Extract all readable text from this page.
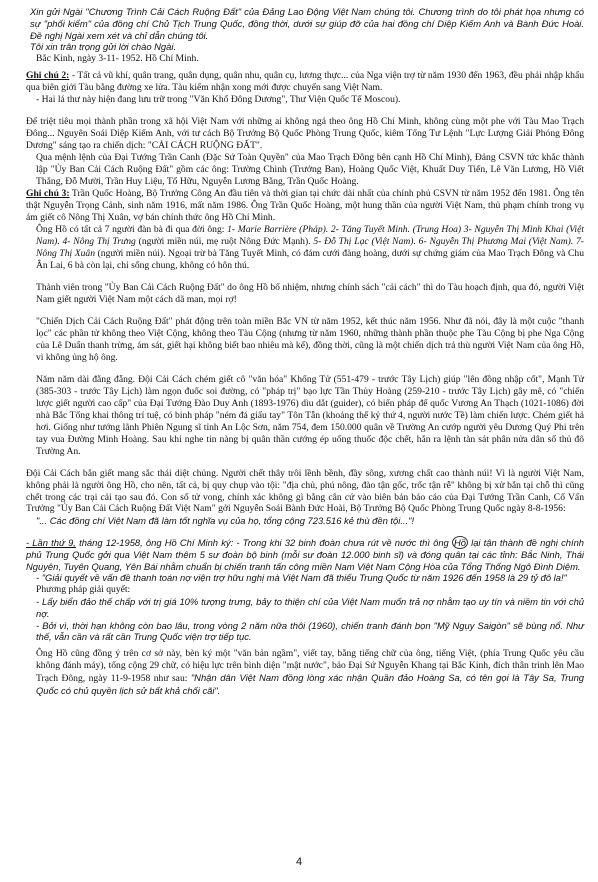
Xin gửi Ngài "Chương Trình Cải Cách Ruộng Đất" của Đảng Lao Động Việt Nam chúng tôi. Chương trình do tôi phát họa nhưng có sự "phối kiểm" của đồng chí Chủ Tịch Trung Quốc, đồng thời, dưới sự giúp đỡ của hai đồng chí Diệp Kiếm Anh và Bành Đức Hoài. Đề nghị Ngài xem xét và chỉ dẫn chúng tôi.

Tôi xin trân trọng gửi lời chào Ngài.

Bắc Kinh, ngày 3-11- 1952. Hồ Chí Minh.

Ghi chú 2: - Tất cả vũ khí, quân trang, quân dụng, quân nhu, quân cụ, lương thực... của Nga viện trợ từ năm 1930 đến 1963, đều phải nhập khẩu qua biên giới Tàu bằng đường xe lửa. Tàu kiểm nhận xong mới được chuyển sang Việt Nam.

- Hai lá thư này hiện đang lưu trữ trong "Văn Khố Đông Dương", Thư Viện Quốc Tế Moscou).

Để triệt tiêu mọi thành phần trong xã hội Việt Nam với những ai không ngả theo ông Hồ Chí Minh, không cùng một phe với Tàu Mao Trạch Đông... Nguyên Soái Diệp Kiếm Anh, với tư cách Bộ Trưởng Bộ Quốc Phòng Trung Quốc, kiêm Tổng Tư Lệnh "Lực Lượng Giải Phóng Đông Dương" sáng tạo ra chiến dịch: "CẢI CÁCH RUỘNG ĐẤT".

Qua mệnh lệnh của Đại Tướng Trần Canh (Đặc Sứ Toàn Quyền" của Mao Trạch Đông bên cạnh Hồ Chí Minh), Đảng CSVN tức khắc thành lập "Ủy Ban Cải Cách Ruộng Đất" gồm các ông: Trường Chinh (Trưởng Ban), Hoàng Quốc Việt, Khuất Duy Tiến, Lê Văn Lương, Hồ Viết Thắng, Đỗ Mười, Trần Huy Liệu, Tố Hữu, Nguyễn Lương Bằng, Trần Quốc Hoàng.

Ghi chú 3: Trần Quốc Hoàng, Bộ Trưởng Công An đầu tiên và thời gian tại chức dài nhất của chính phủ CSVN từ năm 1952 đến 1981. Ông tên thật Nguyễn Trọng Cảnh, sinh năm 1916, mất năm 1986. Ông Trần Quốc Hoàng, một hung thần của người Việt Nam, thủ phạm chính trong vụ ám giết cô Nông Thị Xuân, vợ bán chính thức ông Hồ Chí Minh.

Ông Hồ có tất cả 7 người đàn bà đi qua đời ông: 1- Marie Barrière (Pháp). 2- Tăng Tuyết Minh. (Trung Hoa) 3- Nguyễn Thị Minh Khai (Việt Nam). 4- Nông Thị Trưng (người miền núi, mẹ ruột Nông Đức Mạnh). 5- Đỗ Thị Lạc (Việt Nam). 6- Nguyễn Thị Phương Mai (Việt Nam). 7- Nông Thị Xuân (người miền núi). Ngoại trừ bà Tăng Tuyết Minh, có đám cưới đàng hoàng, dưới sự chứng giám của Mao Trạch Đông và Chu Ân Lai, 6 bà còn lại, chỉ sống chung, không có hôn thú.

Thành viên trong "Ủy Ban Cải Cách Ruộng Đất" do ông Hồ bổ nhiệm, nhưng chính sách "cải cách" thì do Tàu hoạch định, qua đó, người Việt Nam giết người Việt Nam một cách dã man, mọi rợ!

"Chiến Dịch Cải Cách Ruộng Đất" phát động trên toàn miền Bắc VN từ năm 1952, kết thúc năm 1956. Như đã nói, đây là một cuộc "thanh lọc" các phần tử không theo Việt Cộng, không theo Tàu Cộng (nhưng từ năm 1960, những thành phần thuộc phe Tàu Cộng bị phe Nga Cộng của Lê Duẩn thanh trừng, ám sát, giết hại không biết bao nhiêu mà kể), đồng thời, cũng là một chiến dịch trả thù người Việt Nam của ông Hồ, vì không ủng hộ ông.

Năm năm dài đằng đẵng. Đội Cải Cách chém giết cô "văn hóa" Khổng Tử (551-479 - trước Tây Lịch) giúp "lên đồng nhập cốt", Mạnh Tử (385-303 - trước Tây Lịch) làm ngọn đuốc soi đường, có "pháp trị" bạo lực Tần Thủy Hoàng (259-210 - trước Tây Lịch) gây mê, có "chiến lược giết người cao cấp" của Đại Tướng Đào Duy Anh (1893-1976) dìu dắt (guider), có biển pháp để quốc Vương An Thạch (1021-1086) đời nhà Bắc Tống khai thông trí tuệ, có binh pháp "ném đá giấu tay" Tôn Tẫn (khoảng thế kỷ thứ 4, người nước Tề) làm chiến lược. Chém giết hả hơi. Giống như tướng lãnh Phiên Ngung sĩ tỉnh An Lộc Sơn, năm 754, đem 150.000 quân về Trường An cướp người yêu Dương Quý Phi trên tay vua Đường Minh Hoàng. Sau khi nghe tin nàng bị quân thần cướng ép uống thuốc độc chết, hắn ra lệnh tàn sát phân nửa dân số thủ đô Trường An.

Đội Cải Cách bắn giết mang sắc thái diệt chủng. Người chết thây trôi lềnh bềnh, đầy sông, xương chất cao thành núi! Vì là người Việt Nam, không phải là người ông Hồ, cho nên, tất cả, bị quy chụp vào tội: "địa chủ, phú nông, đào tận gốc, trốc tận rễ" không bị xử bắn tại chỗ thì cũng chết trong các trại cải tạo sau đó. Con số tử vong, chính xác không gì bằng cân cứ vào biên bản báo cáo của Đại Tướng Trần Canh, Cố Vấn Trưởng "Ủy Ban Cải Cách Ruộng Đất Việt Nam" gởi Nguyễn Soái Bành Đức Hoài, Bộ Trưởng Bộ Quốc Phòng Trung Quốc ngày 8-8-1956:

"... Các đồng chí Việt Nam đã làm tốt nghĩa vụ của họ, tổng cộng 723.516 kẻ thù đền tội..."!

- Lần thứ 9, tháng 12-1958, ông Hồ Chí Minh ký: - Trong khi 32 binh đoàn chưa rút về nước thì ông Hồ lại tận thành đề nghị chính phủ Trung Quốc gởi qua Việt Nam thêm 5 sư đoàn bộ binh (mỗi sư đoàn 12.000 binh sĩ) và đóng quân tại các tỉnh: Bắc Ninh, Thái Nguyên, Tuyên Quang, Yên Bái nhằm chuẩn bị chiến tranh tấn công miền Nam Việt Nam Cộng Hòa của Tổng Thống Ngô Đình Diệm.

- "Giải quyết về vấn đề thanh toán nợ viện trợ hữu nghị mà Việt Nam đã thiếu Trung Quốc từ năm 1926 đến 1958 là 29 tỷ đô la!"

Phương pháp giải quyết:

- Lấy biển đảo thế chấp với trị giá 10% tượng trưng, bảy to thiện chí của Việt Nam muốn trả nợ nhằm tạo uy tín và niềm tin với chủ nợ.

- Bởi vì, thời hạn không còn bao lâu, trong vòng 2 năm nữa thôi (1960), chiến tranh đánh bọn "Mỹ Ngụy Saigòn" sẽ bùng nổ. Như thế, vẫn cần và rất cần Trung Quốc viện trợ tiếp tục.

Ông Hồ cũng đồng ý trên cơ sở này, bèn ký một "văn bản ngầm", viết tay, bằng tiếng chữ của ông, tiếng Việt, (phía Trung Quốc yêu cầu không đánh máy), tổng cộng 29 chữ, có hiệu lực trên bình diện "mật nước", bảo Đại Sứ Nguyễn Khang tại Bắc Kinh, đích thân trình lên Mao Trạch Đông, ngày 11-9-1958 như sau: "Nhận dân Việt Nam đồng lòng xác nhận Quần đảo Hoàng Sa, có tên gọi là Tây Sa, Trung Quốc có chủ quyền lịch sử bất khả chối cãi".

4
